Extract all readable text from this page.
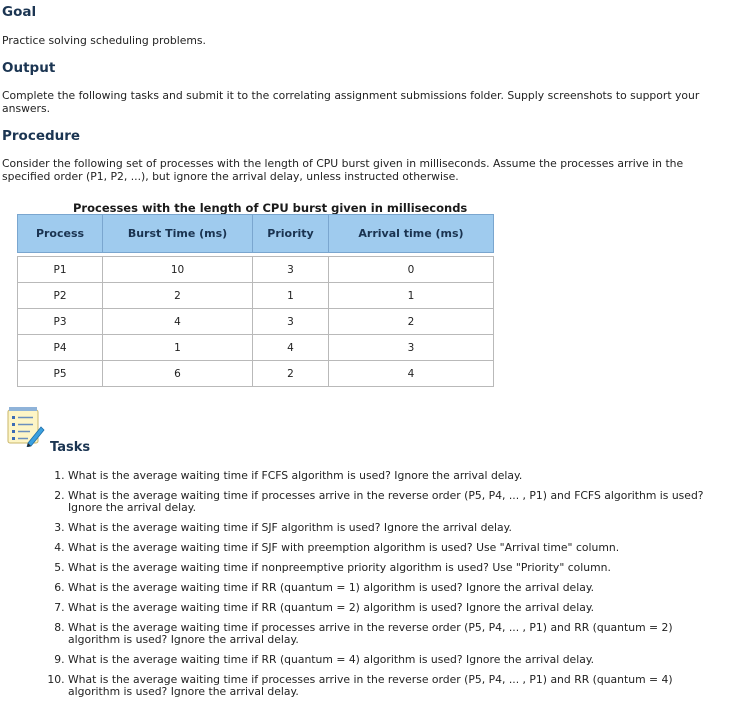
Goal

Practice solving scheduling problems.

Output

Complete the following tasks and submit it to the correlating assignment submissions folder. Supply screenshots to support your answers.

Procedure

Consider the following set of processes with the length of CPU burst given in milliseconds. Assume the processes arrive in the specified order (P1, P2, ...), but ignore the arrival delay, unless instructed otherwise.

Processes with the length of CPU burst given in milliseconds
Process	Burst Time (ms)	Priority	Arrival time (ms)

P1	10	3	0
P2	2	1	1
P3	4	3	2
P4	1	4	3
P5	6	2	4
Tasks
1. What is the average waiting time if FCFS algorithm is used? Ignore the arrival delay.
2. What is the average waiting time if processes arrive in the reverse order (P5, P4, ... , P1) and FCFS algorithm is used? Ignore the arrival delay.
3. What is the average waiting time if SJF algorithm is used? Ignore the arrival delay.
4. What is the average waiting time if SJF with preemption algorithm is used? Use "Arrival time" column.
5. What is the average waiting time if nonpreemptive priority algorithm is used? Use "Priority" column.
6. What is the average waiting time if RR (quantum = 1) algorithm is used? Ignore the arrival delay.
7. What is the average waiting time if RR (quantum = 2) algorithm is used? Ignore the arrival delay.
8. What is the average waiting time if processes arrive in the reverse order (P5, P4, ... , P1) and RR (quantum = 2) algorithm is used? Ignore the arrival delay.
9. What is the average waiting time if RR (quantum = 4) algorithm is used? Ignore the arrival delay.
10. What is the average waiting time if processes arrive in the reverse order (P5, P4, ... , P1) and RR (quantum = 4) algorithm is used? Ignore the arrival delay.
